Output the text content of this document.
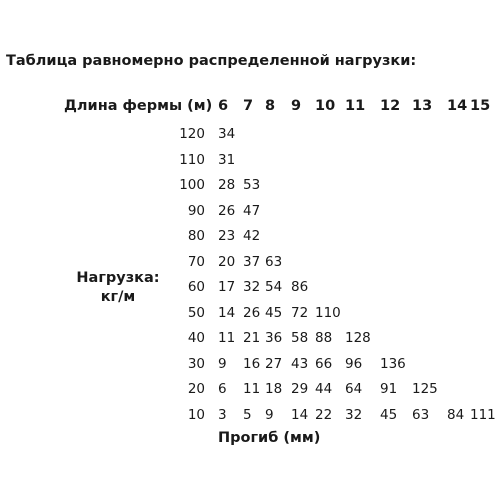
Таблица равномерно распределенной нагрузки:
Длина фермы (м) 6 7 8 9 10 11 12 13 14 15
120 34
110 31
100 28 53
90 26 47
80 23 42
70 20 37 63
60 17 32 54 86
50 14 26 45 72 110
40 11 21 36 58 88 128
30 9 16 27 43 66 96 136
20 6 11 18 29 44 64 91 125
10 3 5 9 14 22 32 45 63 84 111
Нагрузка:
кг/м
Прогиб (мм)
